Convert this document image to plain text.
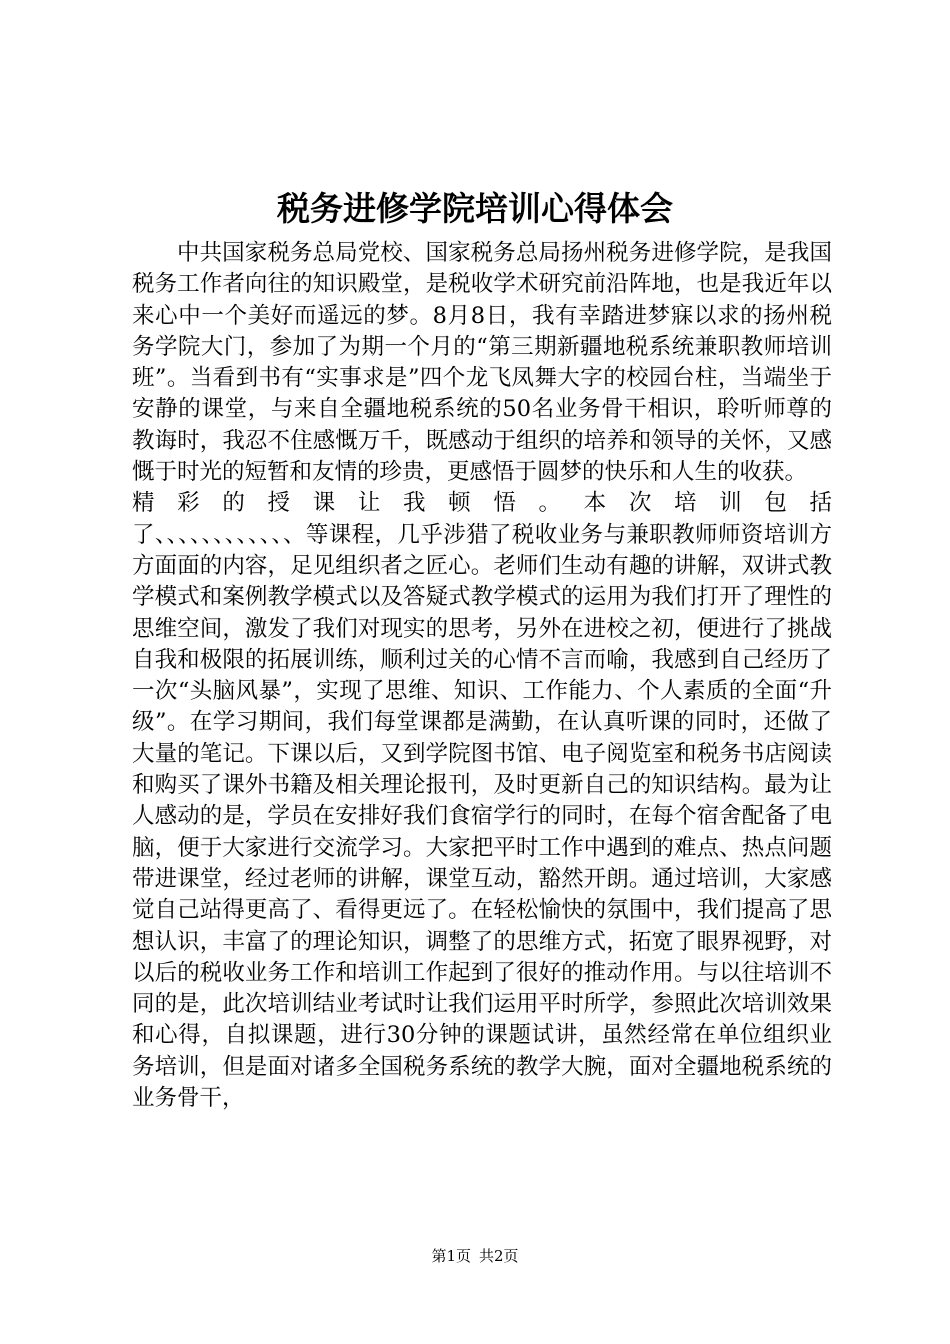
税务进修学院培训心得体会

中共国家税务总局党校、国家税务总局扬州税务进修学院，是我国税务工作者向往的知识殿堂，是税收学术研究前沿阵地，也是我近年以来心中一个美好而遥远的梦。8月8日，我有幸踏进梦寐以求的扬州税务学院大门，参加了为期一个月的“第三期新疆地税系统兼职教师培训班”。当看到书有“实事求是”四个龙飞凤舞大字的校园台柱，当端坐于安静的课堂，与来自全疆地税系统的50名业务骨干相识，聆听师尊的教诲时，我忍不住感慨万千，既感动于组织的培养和领导的关怀，又感慨于时光的短暂和友情的珍贵，更感悟于圆梦的快乐和人生的收获。

精彩的授课让我顿悟。本次培训包括

了、、、、、、、、、、、、等课程，几乎涉猎了税收业务与兼职教师师资培训方方面面的内容，足见组织者之匠心。老师们生动有趣的讲解，双讲式教学模式和案例教学模式以及答疑式教学模式的运用为我们打开了理性的思维空间，激发了我们对现实的思考，另外在进校之初，便进行了挑战自我和极限的拓展训练，顺利过关的心情不言而喻，我感到自己经历了一次“头脑风暴”，实现了思维、知识、工作能力、个人素质的全面“升级”。在学习期间，我们每堂课都是满勤，在认真听课的同时，还做了大量的笔记。下课以后，又到学院图书馆、电子阅览室和税务书店阅读和购买了课外书籍及相关理论报刊，及时更新自己的知识结构。最为让人感动的是，学员在安排好我们食宿学行的同时，在每个宿舍配备了电脑，便于大家进行交流学习。大家把平时工作中遇到的难点、热点问题带进课堂，经过老师的讲解，课堂互动，豁然开朗。通过培训，大家感觉自己站得更高了、看得更远了。在轻松愉快的氛围中，我们提高了思想认识，丰富了的理论知识，调整了的思维方式，拓宽了眼界视野，对以后的税收业务工作和培训工作起到了很好的推动作用。与以往培训不同的是，此次培训结业考试时让我们运用平时所学，参照此次培训效果和心得，自拟课题，进行30分钟的课题试讲，虽然经常在单位组织业务培训，但是面对诸多全国税务系统的教学大腕，面对全疆地税系统的业务骨干，

第1页 共2页
